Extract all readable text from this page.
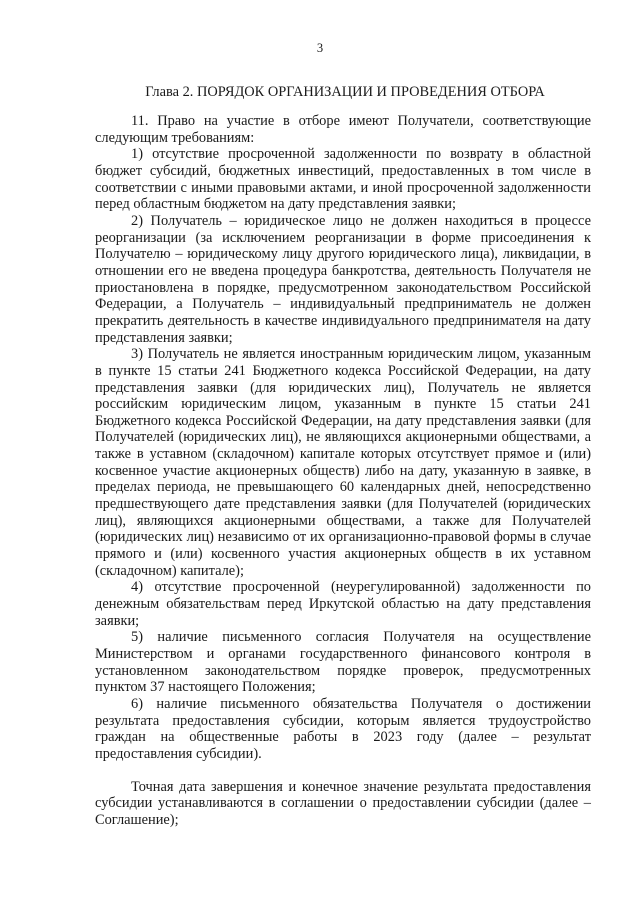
3
Глава 2. ПОРЯДОК ОРГАНИЗАЦИИ И ПРОВЕДЕНИЯ ОТБОРА

11. Право на участие в отборе имеют Получатели, соответствующие следующим требованиям:

1) отсутствие просроченной задолженности по возврату в областной бюджет субсидий, бюджетных инвестиций, предоставленных в том числе в соответствии с иными правовыми актами, и иной просроченной задолженности перед областным бюджетом на дату представления заявки;

2) Получатель – юридическое лицо не должен находиться в процессе реорганизации (за исключением реорганизации в форме присоединения к Получателю – юридическому лицу другого юридического лица), ликвидации, в отношении его не введена процедура банкротства, деятельность Получателя не приостановлена в порядке, предусмотренном законодательством Российской Федерации, а Получатель – индивидуальный предприниматель не должен прекратить деятельность в качестве индивидуального предпринимателя на дату представления заявки;

3) Получатель не является иностранным юридическим лицом, указанным в пункте 15 статьи 241 Бюджетного кодекса Российской Федерации, на дату представления заявки (для юридических лиц), Получатель не является российским юридическим лицом, указанным в пункте 15 статьи 241 Бюджетного кодекса Российской Федерации, на дату представления заявки (для Получателей (юридических лиц), не являющихся акционерными обществами, а также в уставном (складочном) капитале которых отсутствует прямое и (или) косвенное участие акционерных обществ) либо на дату, указанную в заявке, в пределах периода, не превышающего 60 календарных дней, непосредственно предшествующего дате представления заявки (для Получателей (юридических лиц), являющихся акционерными обществами, а также для Получателей (юридических лиц) независимо от их организационно-правовой формы в случае прямого и (или) косвенного участия акционерных обществ в их уставном (складочном) капитале);

4) отсутствие просроченной (неурегулированной) задолженности по денежным обязательствам перед Иркутской областью на дату представления заявки;

5) наличие письменного согласия Получателя на осуществление Министерством и органами государственного финансового контроля в установленном законодательством порядке проверок, предусмотренных пунктом 37 настоящего Положения;

6) наличие письменного обязательства Получателя о достижении результата предоставления субсидии, которым является трудоустройство граждан на общественные работы в 2023 году (далее – результат предоставления субсидии).

Точная дата завершения и конечное значение результата предоставления субсидии устанавливаются в соглашении о предоставлении субсидии (далее – Соглашение);
